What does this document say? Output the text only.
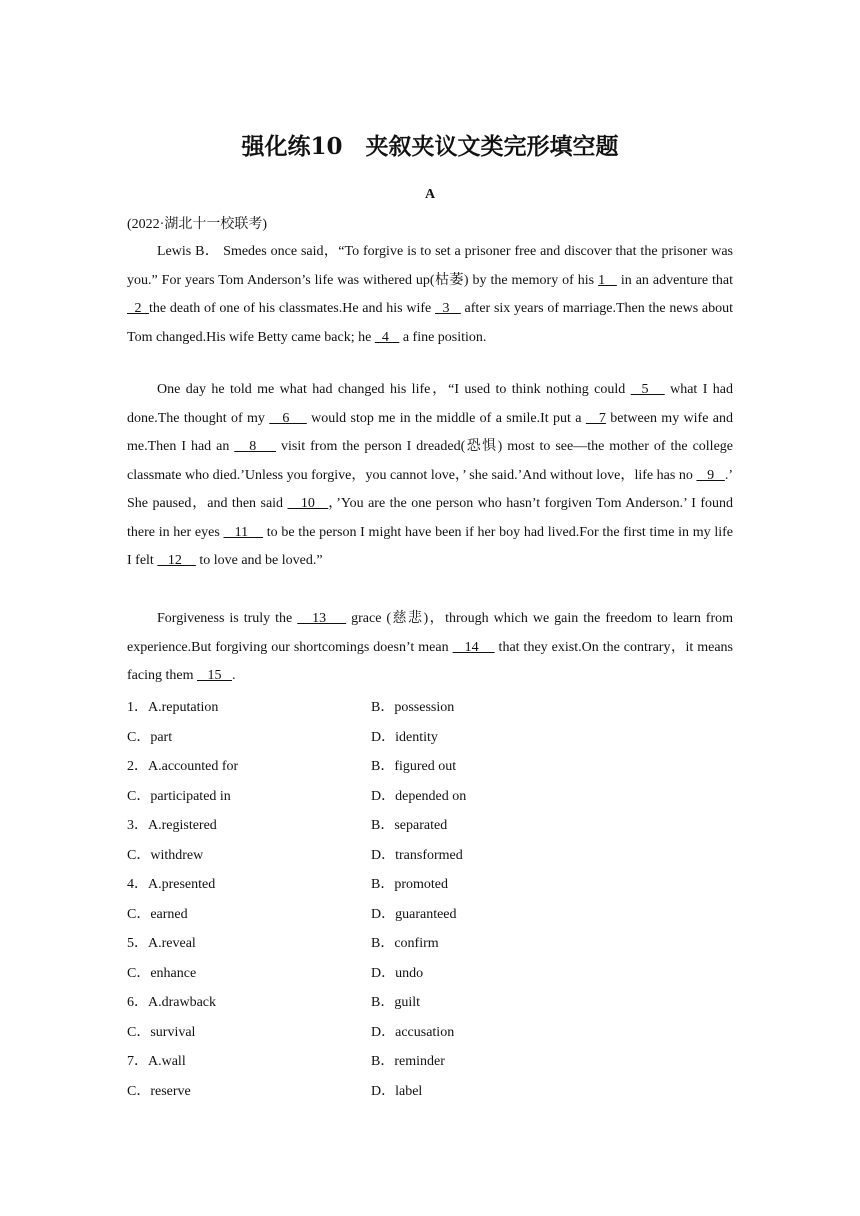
强化练10　夹叙夹议文类完形填空题
A
(2022·湖北十一校联考)
Lewis B． Smedes once said，“To forgive is to set a prisoner free and discover that the prisoner was you.” For years Tom Anderson’s life was withered up(枯萎) by the memory of his 1    in an adventure that  2  the death of one of his classmates.He and his wife   3    after six years of marriage.Then the news about Tom changed.His wife Betty came back; he   4    a fine position.
One day he told me what had changed his life，“I used to think nothing could   5    what I had done.The thought of my    6     would stop me in the middle of a smile.It put a    7 between my wife and me.Then I had an    8     visit from the person I dreaded(恐惧) most to see—the mother of the college classmate who died.’Unless you forgive，you cannot love，’ she said.’And without love，life has no    9   .’ She paused，and then said    10   ，’You are the one person who hasn’t forgiven Tom Anderson.’ I found there in her eyes    11     to be the person I might have been if her boy had lived.For the first time in my life I felt    12     to love and be loved.”
Forgiveness is truly the    13     grace (慈悲)，through which we gain the freedom to learn from experience.But forgiving our shortcomings doesn’t mean    14     that they exist.On the contrary，it means facing them    15   .
1．A.reputation	B．possession
C．part	D．identity
2．A.accounted for	B．figured out
C．participated in	D．depended on
3．A.registered	B．separated
C．withdrew	D．transformed
4．A.presented	B．promoted
C．earned	D．guaranteed
5．A.reveal	B．confirm
C．enhance	D．undo
6．A.drawback	B．guilt
C．survival	D．accusation
7．A.wall	B．reminder
C．reserve	D．label
